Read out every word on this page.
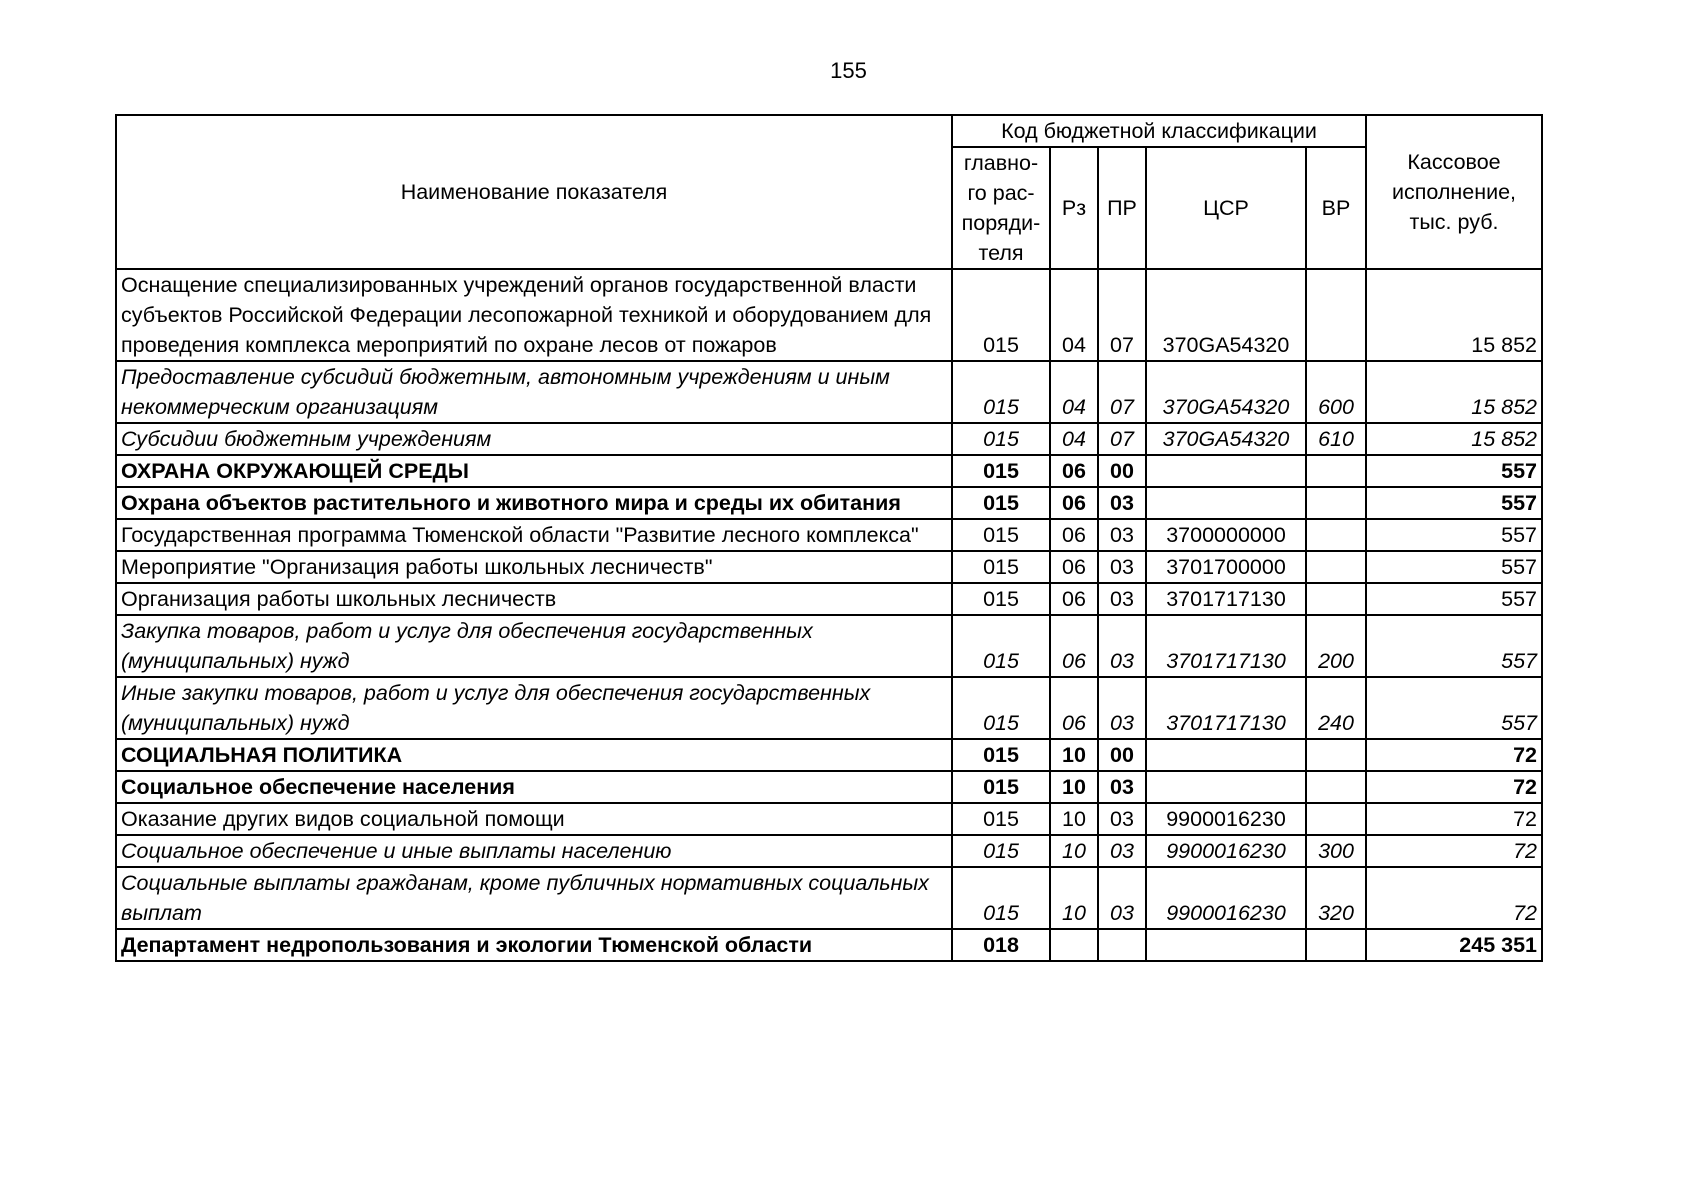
155
Наименование показателя	Код бюджетной классификации					Кассовое исполнение, тыс. руб.
	главно-го рас-поряди-теля	Рз	ПР	ЦСР	ВР	
Оснащение специализированных учреждений органов государственной власти субъектов Российской Федерации лесопожарной техникой и оборудованием для проведения комплекса мероприятий по охране лесов от пожаров	015	04	07	370GA54320		15 852
Предоставление субсидий бюджетным, автономным учреждениям и иным некоммерческим организациям	015	04	07	370GA54320	600	15 852
Субсидии бюджетным учреждениям	015	04	07	370GA54320	610	15 852
ОХРАНА ОКРУЖАЮЩЕЙ СРЕДЫ	015	06	00			557
Охрана объектов растительного и животного мира и среды их обитания	015	06	03			557
Государственная программа Тюменской области "Развитие лесного комплекса"	015	06	03	3700000000		557
Мероприятие "Организация работы школьных лесничеств"	015	06	03	3701700000		557
Организация работы школьных лесничеств	015	06	03	3701717130		557
Закупка товаров, работ и услуг для обеспечения государственных (муниципальных) нужд	015	06	03	3701717130	200	557
Иные закупки товаров, работ и услуг для обеспечения государственных (муниципальных) нужд	015	06	03	3701717130	240	557
СОЦИАЛЬНАЯ ПОЛИТИКА	015	10	00			72
Социальное обеспечение населения	015	10	03			72
Оказание других видов социальной помощи	015	10	03	9900016230		72
Социальное обеспечение и иные выплаты населению	015	10	03	9900016230	300	72
Социальные выплаты гражданам, кроме публичных нормативных социальных выплат	015	10	03	9900016230	320	72
Департамент недропользования и экологии Тюменской области	018					245 351
